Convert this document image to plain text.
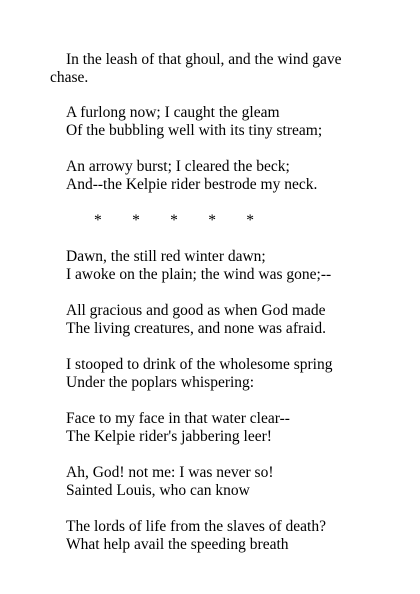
In the leash of that ghoul, and the wind gave
chase.
A furlong now; I caught the gleam
Of the bubbling well with its tiny stream;
An arrowy burst; I cleared the beck;
And--the Kelpie rider bestrode my neck.
* * * * *
Dawn, the still red winter dawn;
I awoke on the plain; the wind was gone;--
All gracious and good as when God made
The living creatures, and none was afraid.
I stooped to drink of the wholesome spring
Under the poplars whispering:
Face to my face in that water clear--
The Kelpie rider's jabbering leer!
Ah, God! not me: I was never so!
Sainted Louis, who can know
The lords of life from the slaves of death?
What help avail the speeding breath
